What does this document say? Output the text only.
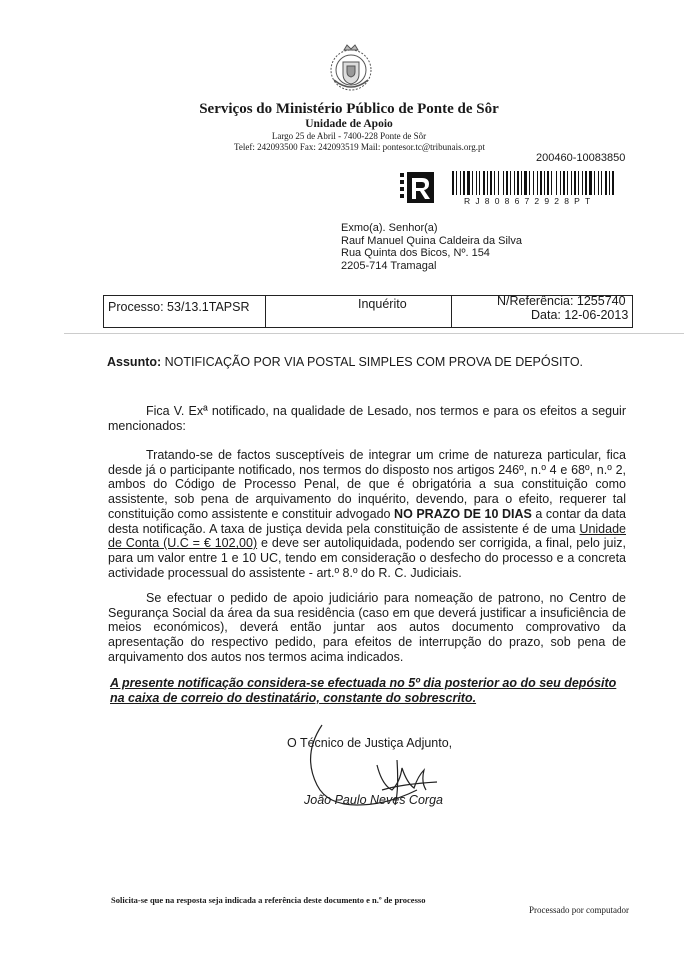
Serviços do Ministério Público de Ponte de Sôr
Unidade de Apoio
Largo 25 de Abril - 7400-228 Ponte de Sôr
Telef: 242093500 Fax: 242093519 Mail: pontesor.tc@tribunais.org.pt
200460-10083850
RJ808672928PT
Exmo(a). Senhor(a)
Rauf Manuel Quina Caldeira da Silva
Rua Quinta dos Bicos, Nº. 154
2205-714 Tramagal
Processo: 53/13.1TAPSR	Inquérito	N/Referência: 1255740
Data: 12-06-2013
Assunto: NOTIFICAÇÃO POR VIA POSTAL SIMPLES COM PROVA DE DEPÓSITO.
Fica V. Exª notificado, na qualidade de Lesado, nos termos e para os efeitos a seguir mencionados:
Tratando-se de factos susceptíveis de integrar um crime de natureza particular, fica desde já o participante notificado, nos termos do disposto nos artigos 246º, n.º 4 e 68º, n.º 2, ambos do Código de Processo Penal, de que é obrigatória a sua constituição como assistente, sob pena de arquivamento do inquérito, devendo, para o efeito, requerer tal constituição como assistente e constituir advogado NO PRAZO DE 10 DIAS a contar da data desta notificação. A taxa de justiça devida pela constituição de assistente é de uma Unidade de Conta (U.C = € 102,00) e deve ser autoliquidada, podendo ser corrigida, a final, pelo juiz, para um valor entre 1 e 10 UC, tendo em consideração o desfecho do processo e a concreta actividade processual do assistente - art.º 8.º do R. C. Judiciais.
Se efectuar o pedido de apoio judiciário para nomeação de patrono, no Centro de Segurança Social da área da sua residência (caso em que deverá justificar a insuficiência de meios económicos), deverá então juntar aos autos documento comprovativo da apresentação do respectivo pedido, para efeitos de interrupção do prazo, sob pena de arquivamento dos autos nos termos acima indicados.
A presente notificação considera-se efectuada no 5º dia posterior ao do seu depósito na caixa de correio do destinatário, constante do sobrescrito.
O Técnico de Justiça Adjunto,
João Paulo Neves Corga
Solicita-se que na resposta seja indicada a referência deste documento e n.º de processo
Processado por computador
